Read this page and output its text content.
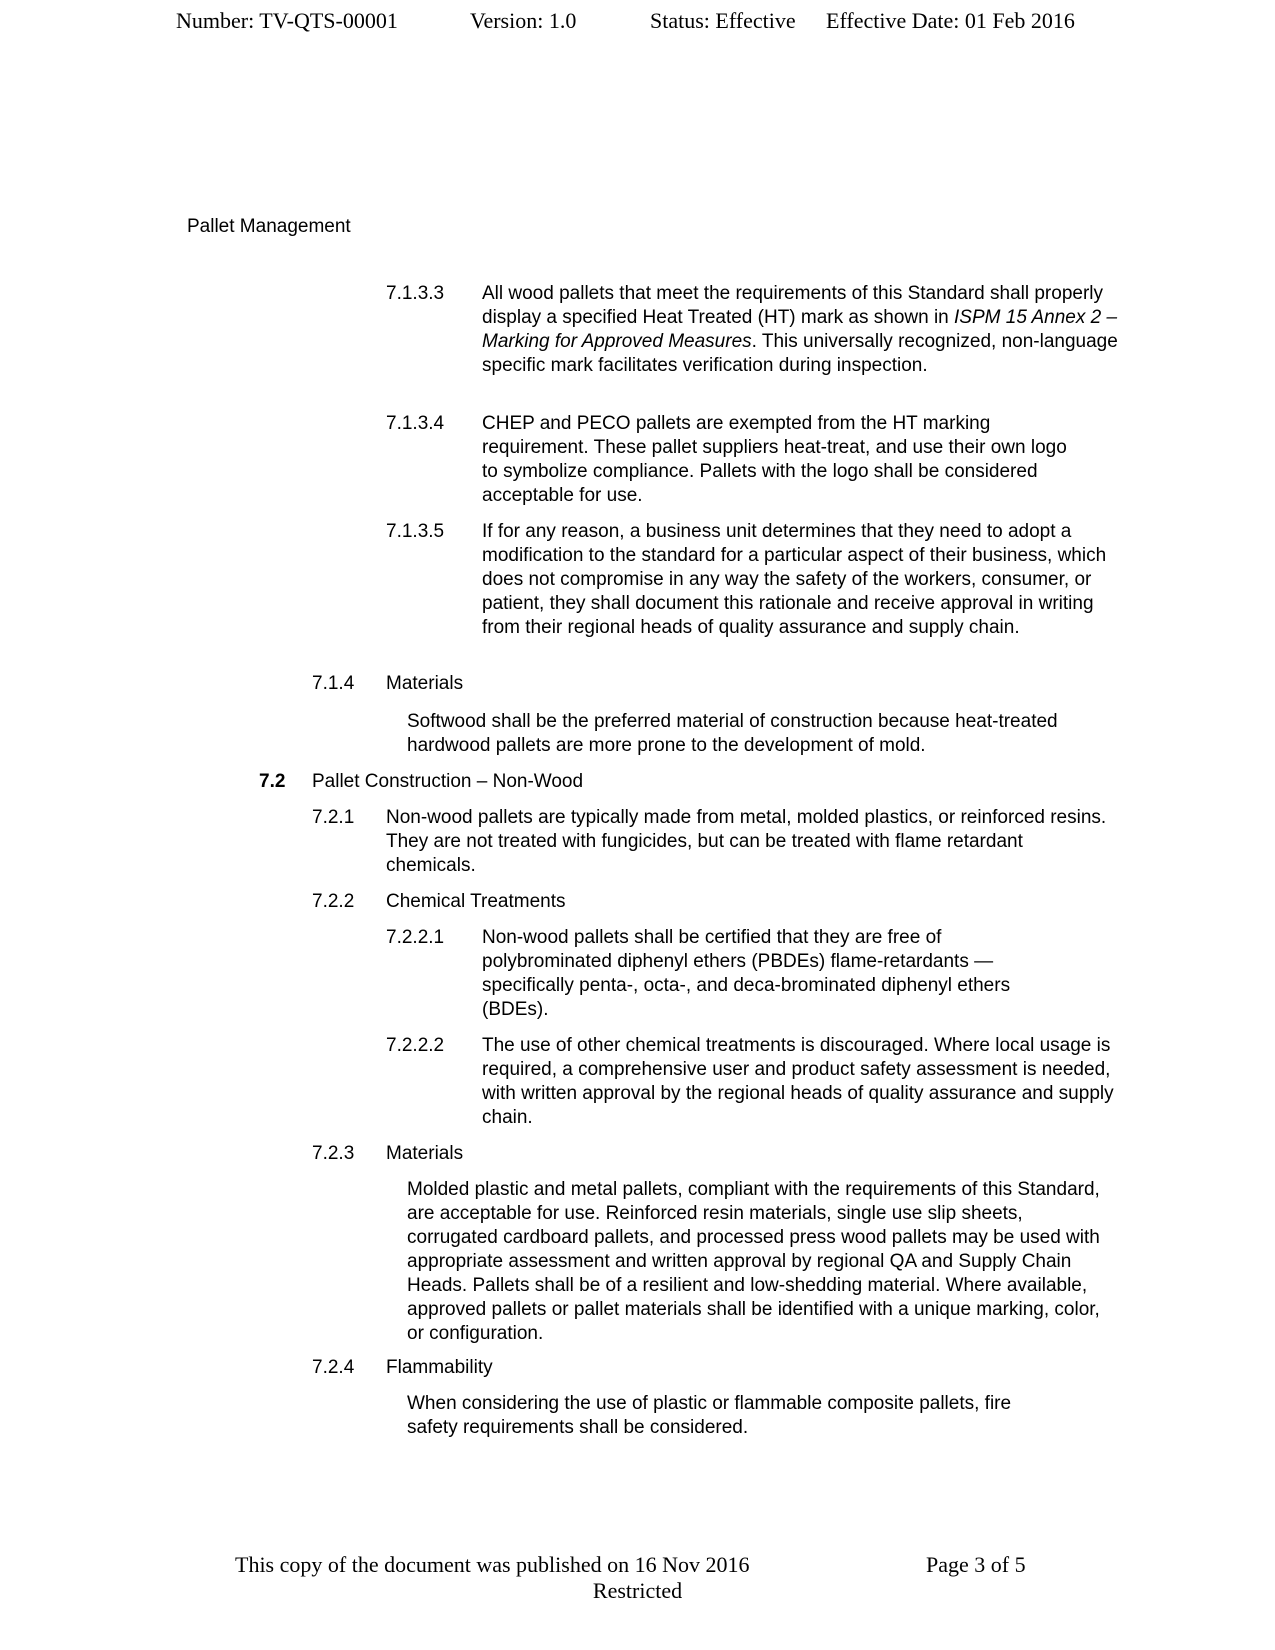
Number: TV-QTS-00001	Version: 1.0	Status: Effective Effective Date: 01 Feb 2016
Pallet Management
7.1.3.3 All wood pallets that meet the requirements of this Standard shall properly display a specified Heat Treated (HT) mark as shown in ISPM 15 Annex 2 – Marking for Approved Measures. This universally recognized, non-language specific mark facilitates verification during inspection.
7.1.3.4 CHEP and PECO pallets are exempted from the HT marking requirement. These pallet suppliers heat-treat, and use their own logo to symbolize compliance. Pallets with the logo shall be considered acceptable for use.
7.1.3.5 If for any reason, a business unit determines that they need to adopt a modification to the standard for a particular aspect of their business, which does not compromise in any way the safety of the workers, consumer, or patient, they shall document this rationale and receive approval in writing from their regional heads of quality assurance and supply chain.
7.1.4 Materials
Softwood shall be the preferred material of construction because heat-treated hardwood pallets are more prone to the development of mold.
7.2 Pallet Construction – Non-Wood
7.2.1 Non-wood pallets are typically made from metal, molded plastics, or reinforced resins. They are not treated with fungicides, but can be treated with flame retardant chemicals.
7.2.2 Chemical Treatments
7.2.2.1 Non-wood pallets shall be certified that they are free of polybrominated diphenyl ethers (PBDEs) flame-retardants — specifically penta-, octa-, and deca-brominated diphenyl ethers (BDEs).
7.2.2.2 The use of other chemical treatments is discouraged. Where local usage is required, a comprehensive user and product safety assessment is needed, with written approval by the regional heads of quality assurance and supply chain.
7.2.3 Materials
Molded plastic and metal pallets, compliant with the requirements of this Standard, are acceptable for use. Reinforced resin materials, single use slip sheets, corrugated cardboard pallets, and processed press wood pallets may be used with appropriate assessment and written approval by regional QA and Supply Chain Heads. Pallets shall be of a resilient and low-shedding material. Where available, approved pallets or pallet materials shall be identified with a unique marking, color, or configuration.
7.2.4 Flammability
When considering the use of plastic or flammable composite pallets, fire safety requirements shall be considered.
This copy of the document was published on 16 Nov 2016	Page 3 of 5
Restricted
